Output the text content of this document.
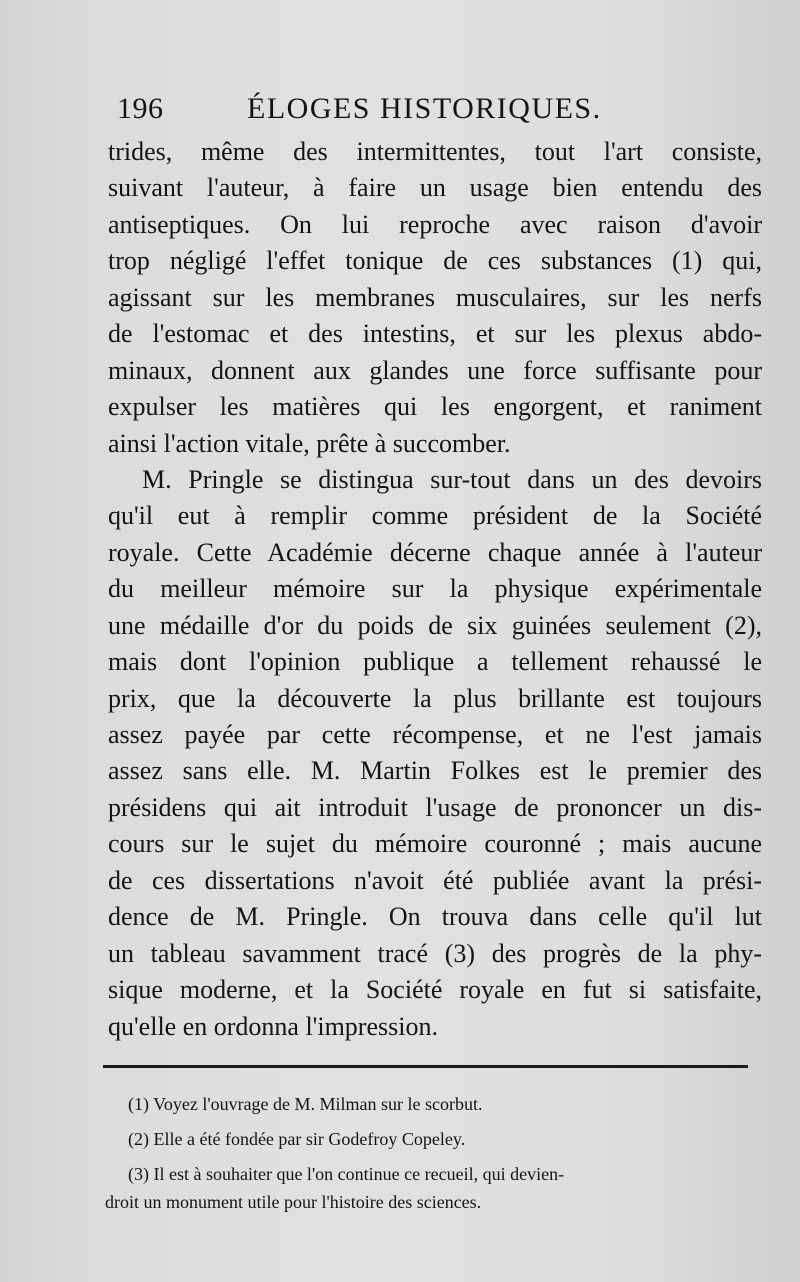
196	ÉLOGES HISTORIQUES.
trides, même des intermittentes, tout l'art consiste,
suivant l'auteur, à faire un usage bien entendu des
antiseptiques. On lui reproche avec raison d'avoir
trop négligé l'effet tonique de ces substances (1) qui,
agissant sur les membranes musculaires, sur les nerfs
de l'estomac et des intestins, et sur les plexus abdo-
minaux, donnent aux glandes une force suffisante pour
expulser les matières qui les engorgent, et raniment
ainsi l'action vitale, prête à succomber.
M. Pringle se distingua sur-tout dans un des devoirs
qu'il eut à remplir comme président de la Société
royale. Cette Académie décerne chaque année à l'auteur
du meilleur mémoire sur la physique expérimentale
une médaille d'or du poids de six guinées seulement (2),
mais dont l'opinion publique a tellement rehaussé le
prix, que la découverte la plus brillante est toujours
assez payée par cette récompense, et ne l'est jamais
assez sans elle. M. Martin Folkes est le premier des
présidens qui ait introduit l'usage de prononcer un dis-
cours sur le sujet du mémoire couronné ; mais aucune
de ces dissertations n'avoit été publiée avant la prési-
dence de M. Pringle. On trouva dans celle qu'il lut
un tableau savamment tracé (3) des progrès de la phy-
sique moderne, et la Société royale en fut si satisfaite,
qu'elle en ordonna l'impression.
(1) Voyez l'ouvrage de M. Milman sur le scorbut.
(2) Elle a été fondée par sir Godefroy Copeley.
(3) Il est à souhaiter que l'on continue ce recueil, qui devien-
droit un monument utile pour l'histoire des sciences.
